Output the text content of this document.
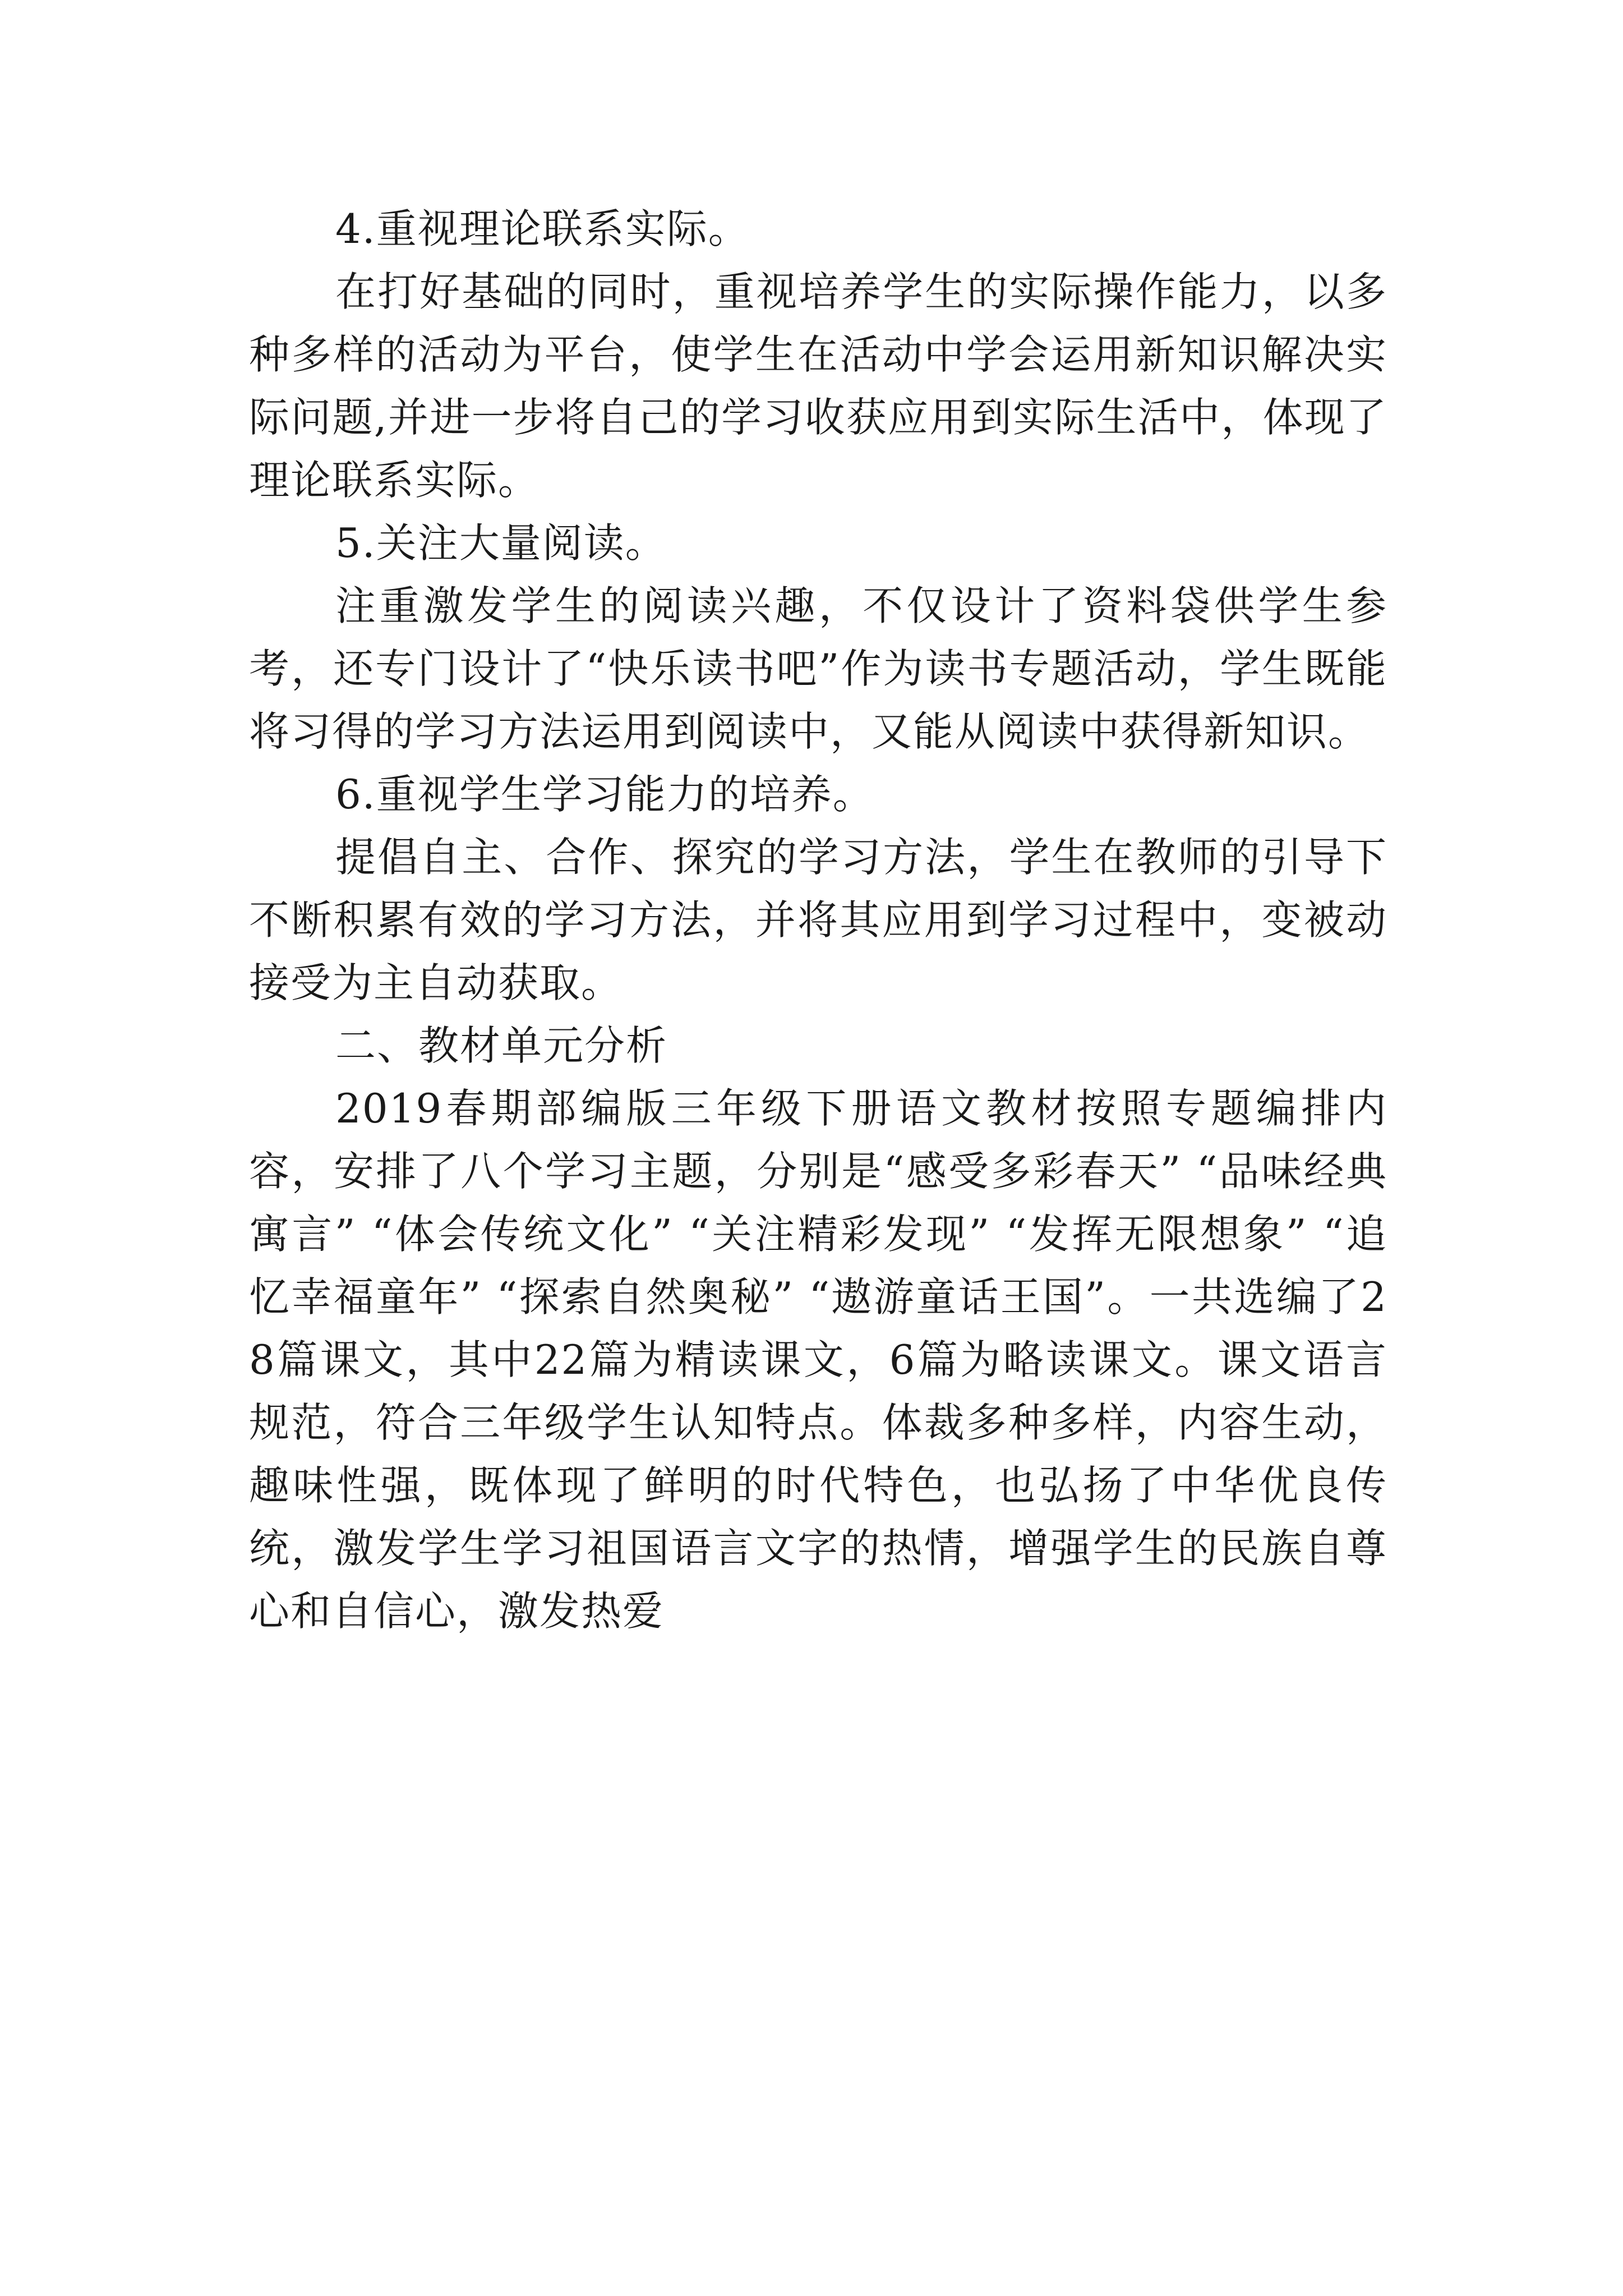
4.重视理论联系实际。

在打好基础的同时，重视培养学生的实际操作能力，以多种多样的活动为平台，使学生在活动中学会运用新知识解决实际问题,并进一步将自己的学习收获应用到实际生活中，体现了理论联系实际。

5.关注大量阅读。

注重激发学生的阅读兴趣，不仅设计了资料袋供学生参考，还专门设计了“快乐读书吧”作为读书专题活动，学生既能将习得的学习方法运用到阅读中，又能从阅读中获得新知识。

6.重视学生学习能力的培养。

提倡自主、合作、探究的学习方法，学生在教师的引导下不断积累有效的学习方法，并将其应用到学习过程中，变被动接受为主自动获取。

二、教材单元分析

2019春期部编版三年级下册语文教材按照专题编排内容，安排了八个学习主题，分别是“感受多彩春天” “品味经典寓言” “体会传统文化” “关注精彩发现” “发挥无限想象” “追忆幸福童年” “探索自然奥秘” “遨游童话王国”。一共选编了28篇课文，其中22篇为精读课文，6篇为略读课文。课文语言规范，符合三年级学生认知特点。体裁多种多样，内容生动，趣味性强，既体现了鲜明的时代特色，也弘扬了中华优良传统，激发学生学习祖国语言文字的热情，增强学生的民族自尊心和自信心，激发热爱
